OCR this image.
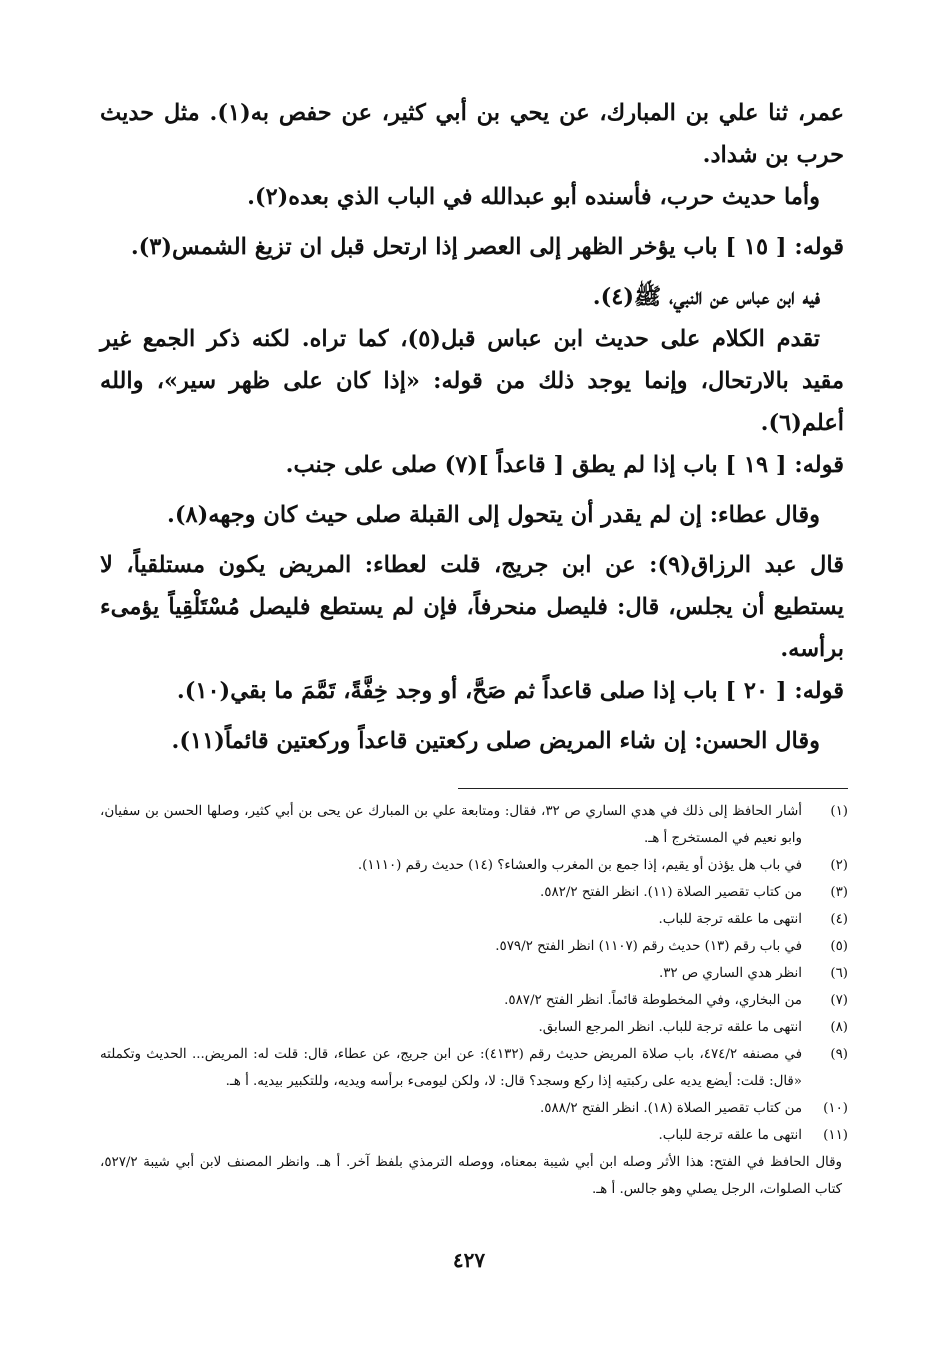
عمر، ثنا علي بن المبارك، عن يحي بن أبي كثير، عن حفص به(١). مثل حديث حرب بن شداد.

وأما حديث حرب، فأسنده أبو عبدالله في الباب الذي بعده(٢).

قوله: [ ١٥ ] باب يؤخر الظهر إلى العصر إذا ارتحل قبل ان تزيغ الشمس(٣).

فيه ابن عباس عن النبي، ﷺ(٤).

تقدم الكلام على حديث ابن عباس قبل(٥)، كما تراه. لكنه ذكر الجمع غير مقيد بالارتحال، وإنما يوجد ذلك من قوله: «إذا كان على ظهر سير»، والله أعلم(٦).

قوله: [ ١٩ ] باب إذا لم يطق [ قاعداً ](٧) صلى على جنب.

وقال عطاء: إن لم يقدر أن يتحول إلى القبلة صلى حيث كان وجهه(٨).

قال عبد الرزاق(٩): عن ابن جريج، قلت لعطاء: المريض يكون مستلقياً، لا يستطيع أن يجلس، قال: فليصل منحرفاً، فإن لم يستطع فليصل مُسْتَلْقِياً يؤمىء برأسه.

قوله: [ ٢٠ ] باب إذا صلى قاعداً ثم صَحَّ، أو وجد خِفَّةً، تَمَّمَ ما بقي(١٠).

وقال الحسن: إن شاء المريض صلى ركعتين قاعداً وركعتين قائماً(١١).

(١)
أشار الحافظ إلى ذلك في هدي الساري ص ٣٢، فقال: ومتابعة علي بن المبارك عن يحى بن أبي كثير، وصلها الحسن بن سفيان، وابو نعيم في المستخرج أ هـ.
(٢)
في باب هل يؤذن أو يقيم، إذا جمع بن المغرب والعشاء؟ (١٤) حديث رقم (١١١٠).
(٣)
من كتاب تقصير الصلاة (١١). انظر الفتح ٥٨٢/٢.
(٤)
انتهى ما علقه ترجة للباب.
(٥)
في باب رقم (١٣) حديث رقم (١١٠٧) انظر الفتح ٥٧٩/٢.
(٦)
انظر هدي الساري ص ٣٢.
(٧)
من البخاري، وفي المخطوطة قائماً. انظر الفتح ٥٨٧/٢.
(٨)
انتهى ما علقه ترجة للباب. انظر المرجع السابق.
(٩)
في مصنفه ٤٧٤/٢، باب صلاة المريض حديث رقم (٤١٣٢): عن ابن جريج، عن عطاء، قال: قلت له: المريض... الحديث وتكملته «قال: قلت: أيضع يديه على ركبتيه إذا ركع وسجد؟ قال: لا، ولكن ليومىء برأسه ويديه، وللتكبير بيديه. أ هـ.
(١٠)
من كتاب تقصير الصلاة (١٨). انظر الفتح ٥٨٨/٢.
(١١)
انتهى ما علقه ترجة للباب.
وقال الحافظ في الفتح: هذا الأثر وصله ابن أبي شيبة بمعناه، ووصله الترمذي بلفظ آخر. أ هـ. وانظر المصنف لابن أبي شيبة ٥٢٧/٢، كتاب الصلوات، الرجل يصلي وهو جالس. أ هـ.
٤٢٧
